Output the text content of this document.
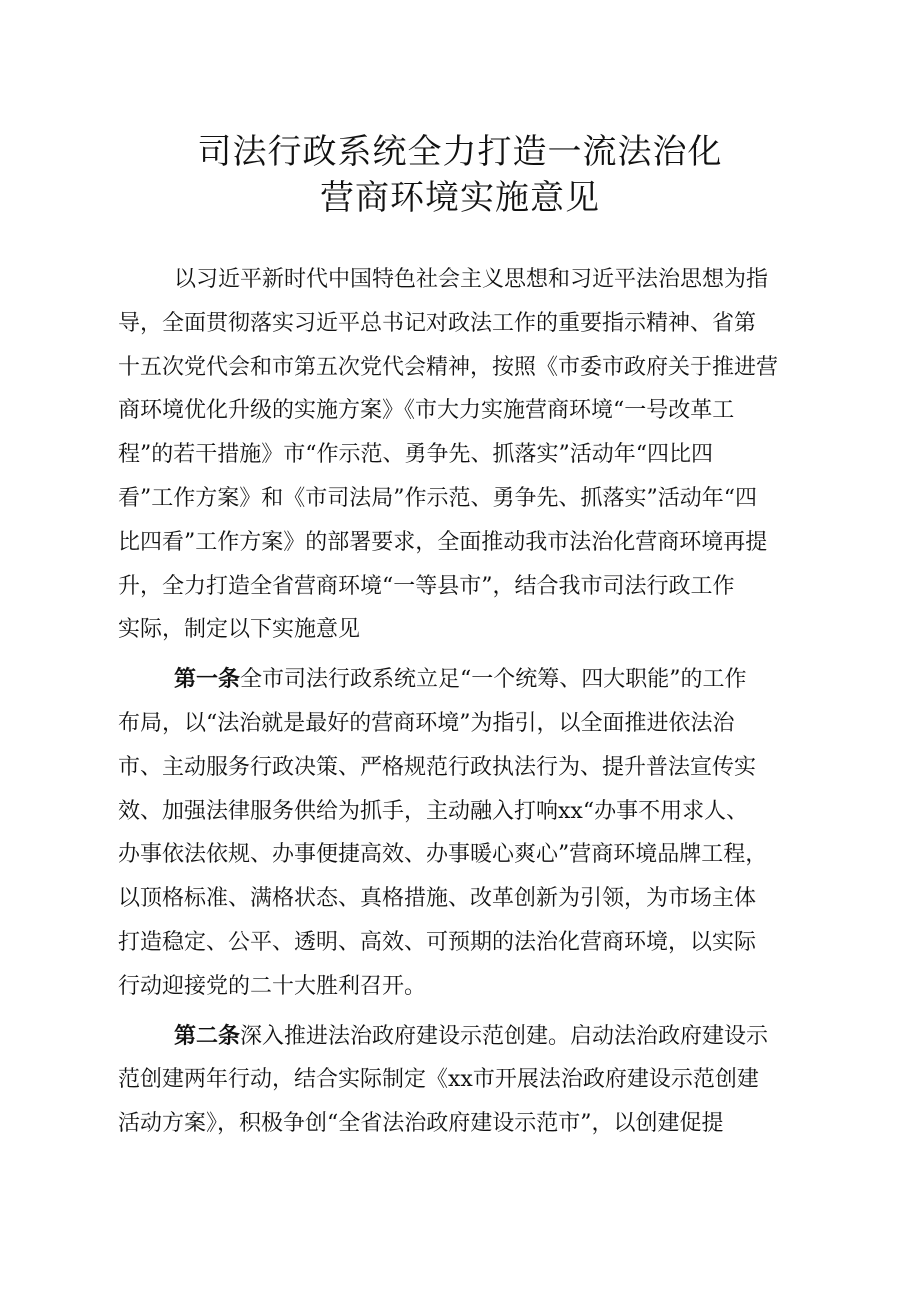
司法行政系统全力打造一流法治化
营商环境实施意见
以习近平新时代中国特色社会主义思想和习近平法治思想为指
导，全面贯彻落实习近平总书记对政法工作的重要指示精神、省第
十五次党代会和市第五次党代会精神，按照《市委市政府关于推进营
商环境优化升级的实施方案》《市大力实施营商环境“一号改革工
程”的若干措施》市“作示范、勇争先、抓落实”活动年“四比四
看”工作方案》和《市司法局”作示范、勇争先、抓落实”活动年“四
比四看”工作方案》的部署要求，全面推动我市法治化营商环境再提
升，全力打造全省营商环境“一等县市”，结合我市司法行政工作
实际，制定以下实施意见
第一条全市司法行政系统立足“一个统筹、四大职能”的工作
布局，以“法治就是最好的营商环境”为指引，以全面推进依法治
市、主动服务行政决策、严格规范行政执法行为、提升普法宣传实
效、加强法律服务供给为抓手，主动融入打响xx“办事不用求人、
办事依法依规、办事便捷高效、办事暖心爽心”营商环境品牌工程，
以顶格标准、满格状态、真格措施、改革创新为引领，为市场主体
打造稳定、公平、透明、高效、可预期的法治化营商环境，以实际
行动迎接党的二十大胜利召开。
第二条深入推进法治政府建设示范创建。启动法治政府建设示
范创建两年行动，结合实际制定《xx市开展法治政府建设示范创建
活动方案》，积极争创“全省法治政府建设示范市”，以创建促提
